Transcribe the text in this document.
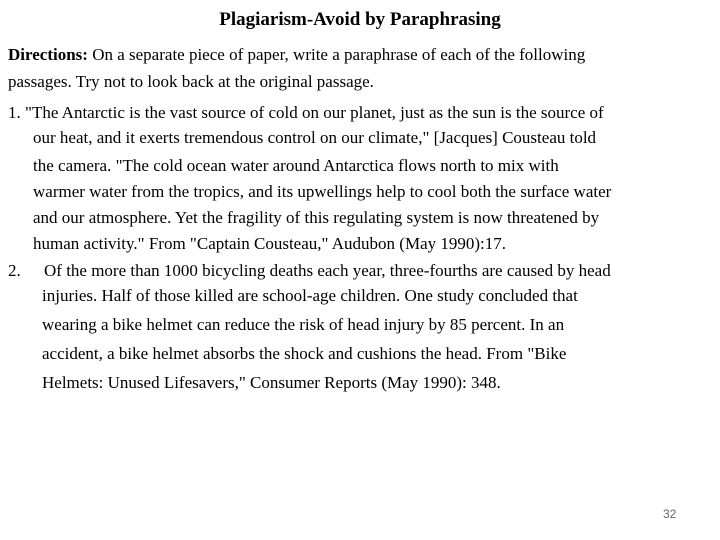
Plagiarism-Avoid by Paraphrasing
Directions: On a separate piece of paper, write a paraphrase of each of the following
passages. Try not to look back at the original passage.
1. "The Antarctic is the vast source of cold on our planet, just as the sun is the source of
our heat, and it exerts tremendous control on our climate," [Jacques] Cousteau told
the camera. "The cold ocean water around Antarctica flows north to mix with
warmer water from the tropics, and its upwellings help to cool both the surface water
and our atmosphere. Yet the fragility of this regulating system is now threatened by
human activity." From "Captain Cousteau," Audubon (May 1990):17.
2. Of the more than 1000 bicycling deaths each year, three-fourths are caused by head
injuries. Half of those killed are school-age children. One study concluded that
wearing a bike helmet can reduce the risk of head injury by 85 percent. In an
accident, a bike helmet absorbs the shock and cushions the head. From "Bike
Helmets: Unused Lifesavers," Consumer Reports (May 1990): 348.
32
